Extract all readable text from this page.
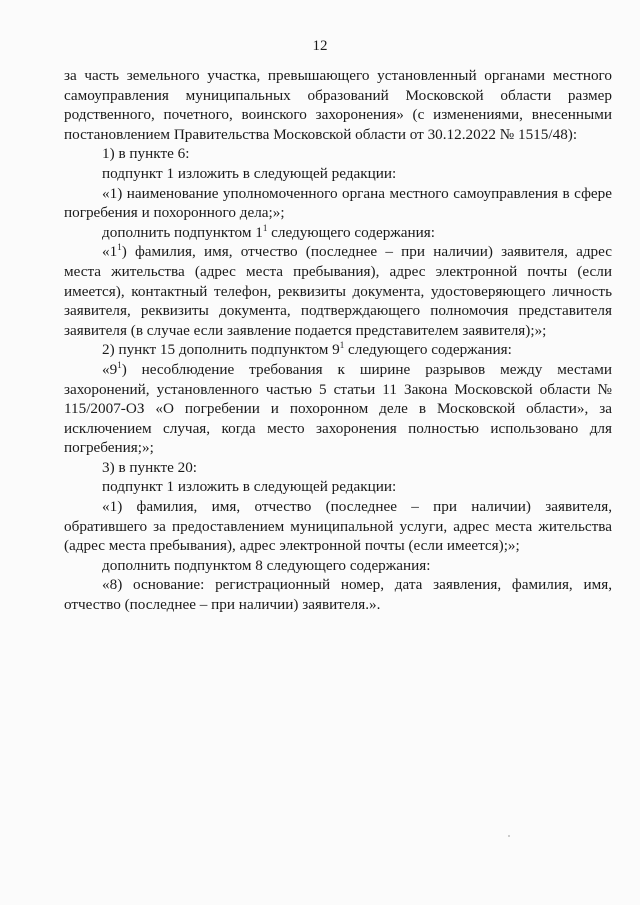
12

за часть земельного участка, превышающего установленный органами местного самоуправления муниципальных образований Московской области размер родственного, почетного, воинского захоронения» (с изменениями, внесенными постановлением Правительства Московской области от 30.12.2022 № 1515/48):

1) в пункте 6:

подпункт 1 изложить в следующей редакции:

«1) наименование уполномоченного органа местного самоуправления в сфере погребения и похоронного дела;»;

дополнить подпунктом $1^1$ следующего содержания:

«$1^1$) фамилия, имя, отчество (последнее – при наличии) заявителя, адрес места жительства (адрес места пребывания), адрес электронной почты (если имеется), контактный телефон, реквизиты документа, удостоверяющего личность заявителя, реквизиты документа, подтверждающего полномочия представителя заявителя (в случае если заявление подается представителем заявителя);»;

2) пункт 15 дополнить подпунктом $9^1$ следующего содержания:

«$9^1$) несоблюдение требования к ширине разрывов между местами захоронений, установленного частью 5 статьи 11 Закона Московской области № 115/2007-ОЗ «О погребении и похоронном деле в Московской области», за исключением случая, когда место захоронения полностью использовано для погребения;»;

3) в пункте 20:

подпункт 1 изложить в следующей редакции:

«1) фамилия, имя, отчество (последнее – при наличии) заявителя, обратившего за предоставлением муниципальной услуги, адрес места жительства (адрес места пребывания), адрес электронной почты (если имеется);»;

дополнить подпунктом 8 следующего содержания:

«8) основание: регистрационный номер, дата заявления, фамилия, имя, отчество (последнее – при наличии) заявителя.».
